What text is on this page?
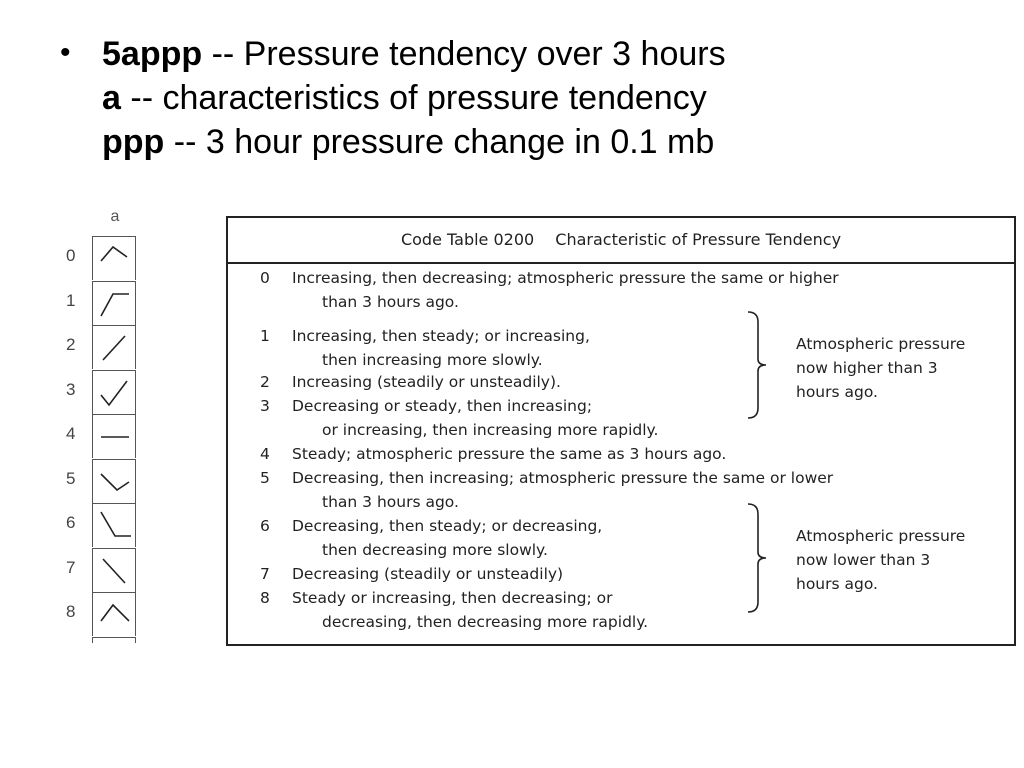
• 5appp -- Pressure tendency over 3 hours
a -- characteristics of pressure tendency
ppp -- 3 hour pressure change in 0.1 mb
a
0
1
2
3
4
5
6
7
8
Code Table 0200 Characteristic of Pressure Tendency
0 Increasing, then decreasing; atmospheric pressure the same or higher
than 3 hours ago.
1 Increasing, then steady; or increasing,
then increasing more slowly.
2 Increasing (steadily or unsteadily).
3 Decreasing or steady, then increasing;
or increasing, then increasing more rapidly.
4 Steady; atmospheric pressure the same as 3 hours ago.
5 Decreasing, then increasing; atmospheric pressure the same or lower
than 3 hours ago.
6 Decreasing, then steady; or decreasing,
then decreasing more slowly.
7 Decreasing (steadily or unsteadily)
8 Steady or increasing, then decreasing; or
decreasing, then decreasing more rapidly.
Atmospheric pressure
now higher than 3
hours ago.
Atmospheric pressure
now lower than 3
hours ago.
